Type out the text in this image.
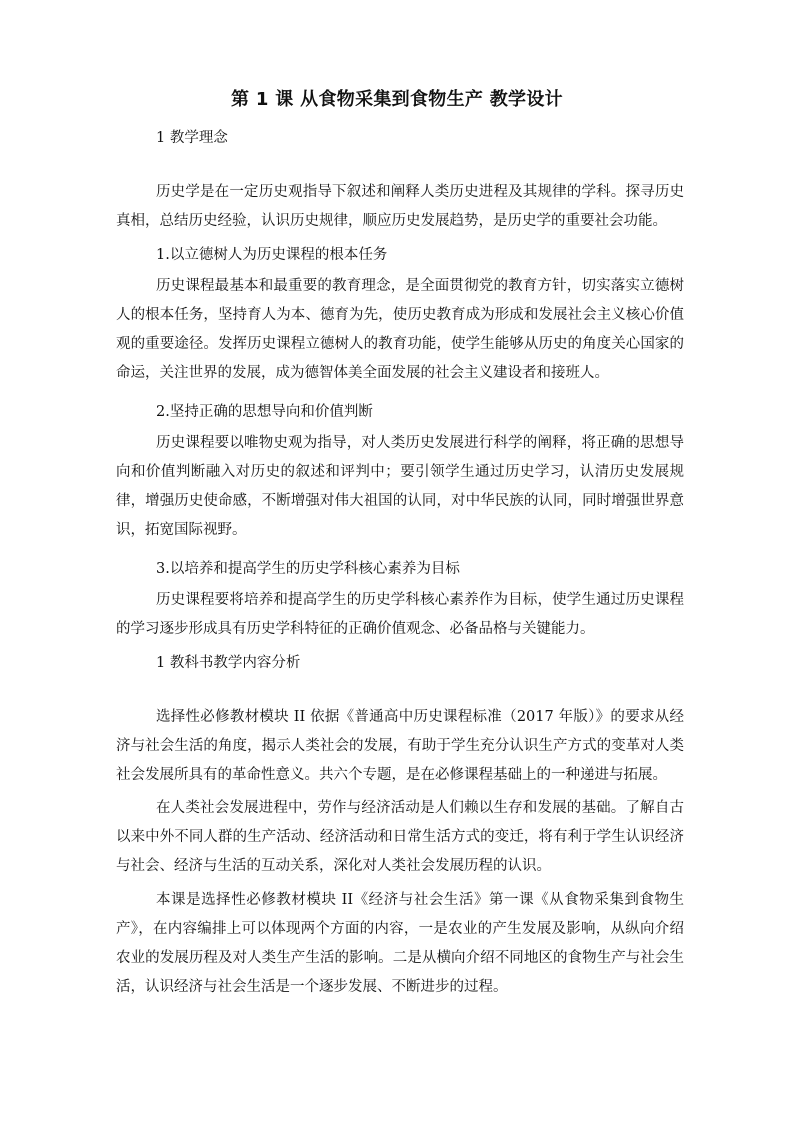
第 1 课 从食物采集到食物生产 教学设计
1 教学理念

历史学是在一定历史观指导下叙述和阐释人类历史进程及其规律的学科。探寻历史真相，总结历史经验，认识历史规律，顺应历史发展趋势，是历史学的重要社会功能。

1.以立德树人为历史课程的根本任务

历史课程最基本和最重要的教育理念，是全面贯彻党的教育方针，切实落实立德树人的根本任务，坚持育人为本、德育为先，使历史教育成为形成和发展社会主义核心价值观的重要途径。发挥历史课程立德树人的教育功能，使学生能够从历史的角度关心国家的命运，关注世界的发展，成为德智体美全面发展的社会主义建设者和接班人。

2.坚持正确的思想导向和价值判断

历史课程要以唯物史观为指导，对人类历史发展进行科学的阐释，将正确的思想导向和价值判断融入对历史的叙述和评判中；要引领学生通过历史学习，认清历史发展规律，增强历史使命感，不断增强对伟大祖国的认同，对中华民族的认同，同时增强世界意识，拓宽国际视野。

3.以培养和提高学生的历史学科核心素养为目标

历史课程要将培养和提高学生的历史学科核心素养作为目标，使学生通过历史课程的学习逐步形成具有历史学科特征的正确价值观念、必备品格与关键能力。

1 教科书教学内容分析

选择性必修教材模块 II 依据《普通高中历史课程标准（2017 年版）》的要求从经济与社会生活的角度，揭示人类社会的发展，有助于学生充分认识生产方式的变革对人类社会发展所具有的革命性意义。共六个专题，是在必修课程基础上的一种递进与拓展。

在人类社会发展进程中，劳作与经济活动是人们赖以生存和发展的基础。了解自古以来中外不同人群的生产活动、经济活动和日常生活方式的变迁，将有利于学生认识经济与社会、经济与生活的互动关系，深化对人类社会发展历程的认识。

本课是选择性必修教材模块 II《经济与社会生活》第一课《从食物采集到食物生产》，在内容编排上可以体现两个方面的内容，一是农业的产生发展及影响，从纵向介绍农业的发展历程及对人类生产生活的影响。二是从横向介绍不同地区的食物生产与社会生活，认识经济与社会生活是一个逐步发展、不断进步的过程。
